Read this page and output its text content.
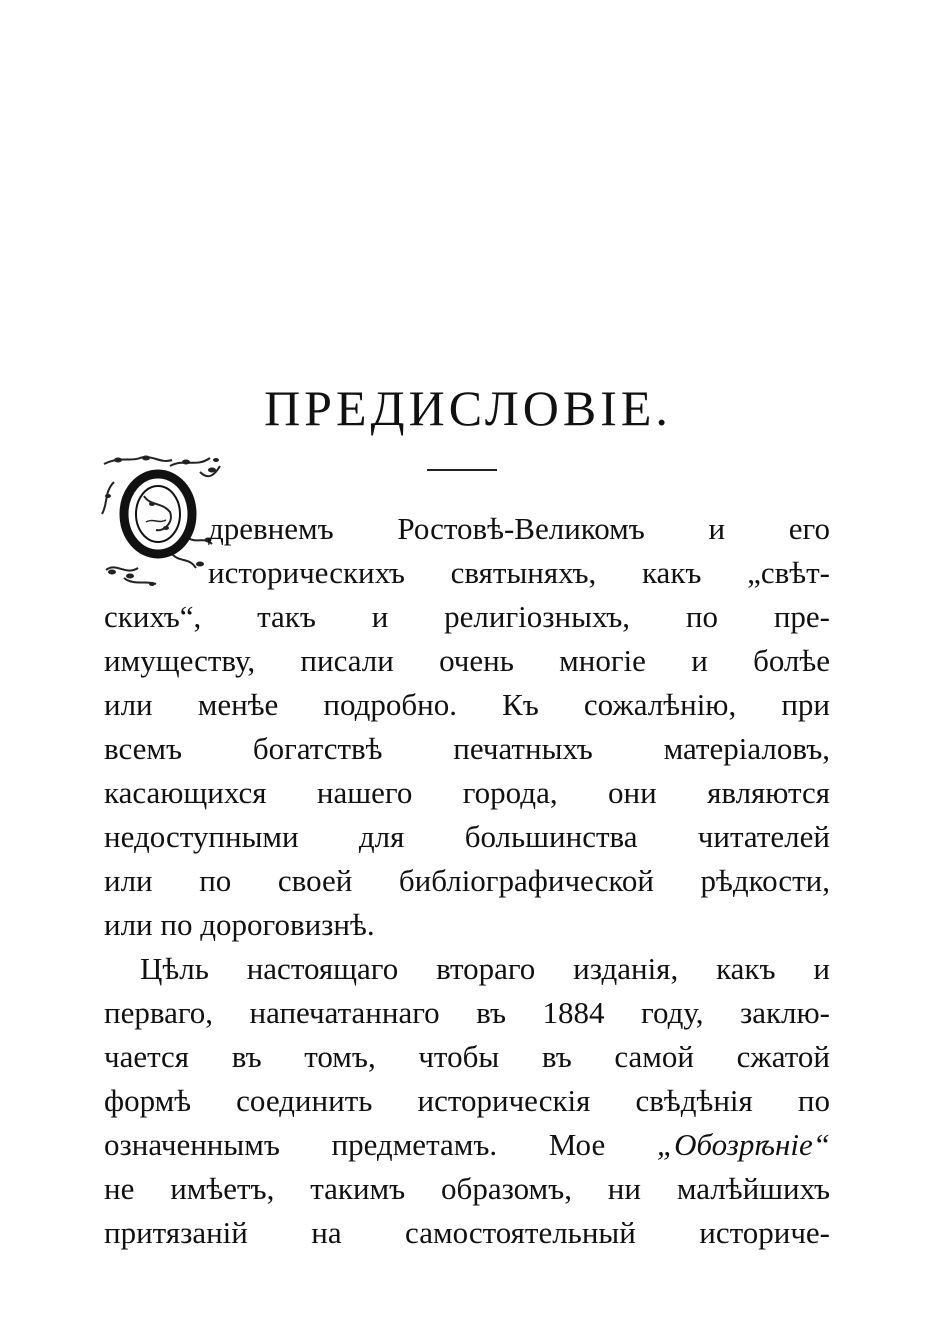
ПРЕДИСЛОВІЕ.
древнемъ Ростовѣ-Великомъ и его
историческихъ святыняхъ, какъ „свѣт-
скихъ“, такъ и религіозныхъ, по пре-
имуществу, писали очень многіе и болѣе
или менѣе подробно. Къ сожалѣнію, при
всемъ богатствѣ печатныхъ матеріаловъ,
касающихся нашего города, они являются
недоступными для большинства читателей
или по своей библіографической рѣдкости,
или по дороговизнѣ.
Цѣль настоящаго втораго изданія, какъ и
перваго, напечатаннаго въ 1884 году, заклю-
чается въ томъ, чтобы въ самой сжатой
формѣ соединить историческія свѣдѣнія по
означеннымъ предметамъ. Мое „Обозрѣніе“
не имѣетъ, такимъ образомъ, ни малѣйшихъ
притязаній на самостоятельный историче-
